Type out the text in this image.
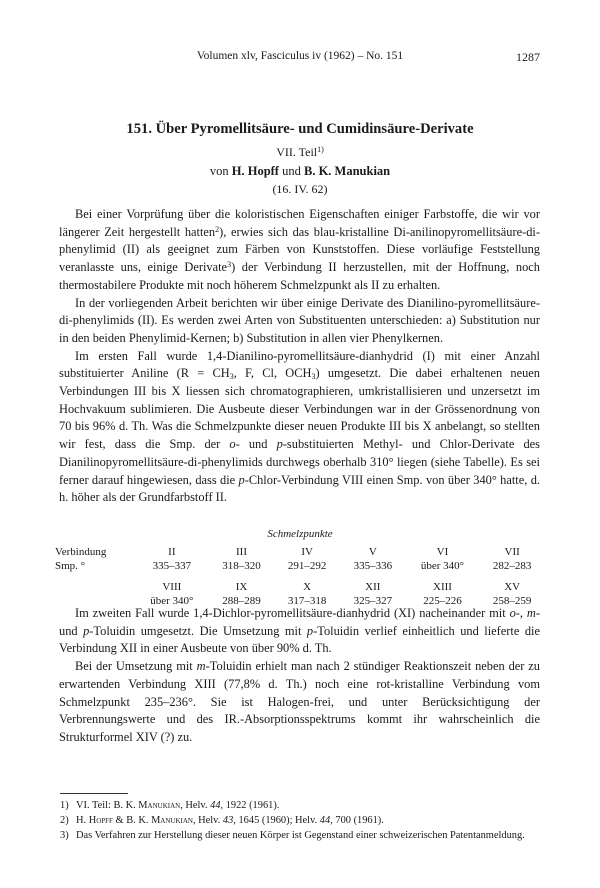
Volumen xlv, Fasciculus iv (1962) – No. 151	1287
151. Über Pyromellitsäure- und Cumidinsäure-Derivate
VII. Teil$^{1)}$
von H. Hopff und B. K. Manukian
(16. IV. 62)

Bei einer Vorprüfung über die koloristischen Eigenschaften einiger Farbstoffe, die wir vor längerer Zeit hergestellt hatten$^2$), erwies sich das blau-kristalline Di-anilinopyromellitsäure-di-phenylimid (II) als geeignet zum Färben von Kunststoffen. Diese vorläufige Feststellung veranlasste uns, einige Derivate$^3$) der Verbindung II herzustellen, mit der Hoffnung, noch thermostabilere Produkte mit noch höherem Schmelzpunkt als II zu erhalten.

In der vorliegenden Arbeit berichten wir über einige Derivate des Dianilino-pyromellitsäure-di-phenylimids (II). Es werden zwei Arten von Substituenten unterschieden: a) Substitution nur in den beiden Phenylimid-Kernen; b) Substitution in allen vier Phenylkernen.

Im ersten Fall wurde 1,4-Dianilino-pyromellitsäure-dianhydrid (I) mit einer Anzahl substituierter Aniline ($R = CH_3$, F, Cl, $OCH_3$) umgesetzt. Die dabei erhaltenen neuen Verbindungen III bis X liessen sich chromatographieren, umkristallisieren und unzersetzt im Hochvakuum sublimieren. Die Ausbeute dieser Verbindungen war in der Grössenordnung von 70 bis 96% d. Th. Was die Schmelzpunkte dieser neuen Produkte III bis X anbelangt, so stellten wir fest, dass die Smp. der o- und p-substituierten Methyl- und Chlor-Derivate des Dianilinopyromellitsäure-di-phenylimids durchwegs oberhalb 310° liegen (siehe Tabelle). Es sei ferner darauf hingewiesen, dass die p-Chlor-Verbindung VIII einen Smp. von über 340° hatte, d. h. höher als der Grundfarbstoff II.

Schmelzpunkte
Verbindung	II	III	IV	V	VI	VII
Smp. °	335–337	318–320	291–292	335–336	über 340°	282–283

	VIII	IX	X	XII	XIII	XV
	über 340°	288–289	317–318	325–327	225–226	258–259

Im zweiten Fall wurde 1,4-Dichlor-pyromellitsäure-dianhydrid (XI) nacheinander mit o-, m- und p-Toluidin umgesetzt. Die Umsetzung mit p-Toluidin verlief einheitlich und lieferte die Verbindung XII in einer Ausbeute von über 90% d. Th.

Bei der Umsetzung mit m-Toluidin erhielt man nach 2 stündiger Reaktionszeit neben der zu erwartenden Verbindung XIII (77,8% d. Th.) noch eine rot-kristalline Verbindung vom Schmelzpunkt 235–236°. Sie ist Halogen-frei, und unter Berücksichtigung der Verbrennungswerte und des IR.-Absorptionsspektrums kommt ihr wahrscheinlich die Strukturformel XIV (?) zu.

1) VI. Teil: B. K. Manukian, Helv. 44, 1922 (1961).
2) H. Hopff & B. K. Manukian, Helv. 43, 1645 (1960); Helv. 44, 700 (1961).
3) Das Verfahren zur Herstellung dieser neuen Körper ist Gegenstand einer schweizerischen Patentanmeldung.
